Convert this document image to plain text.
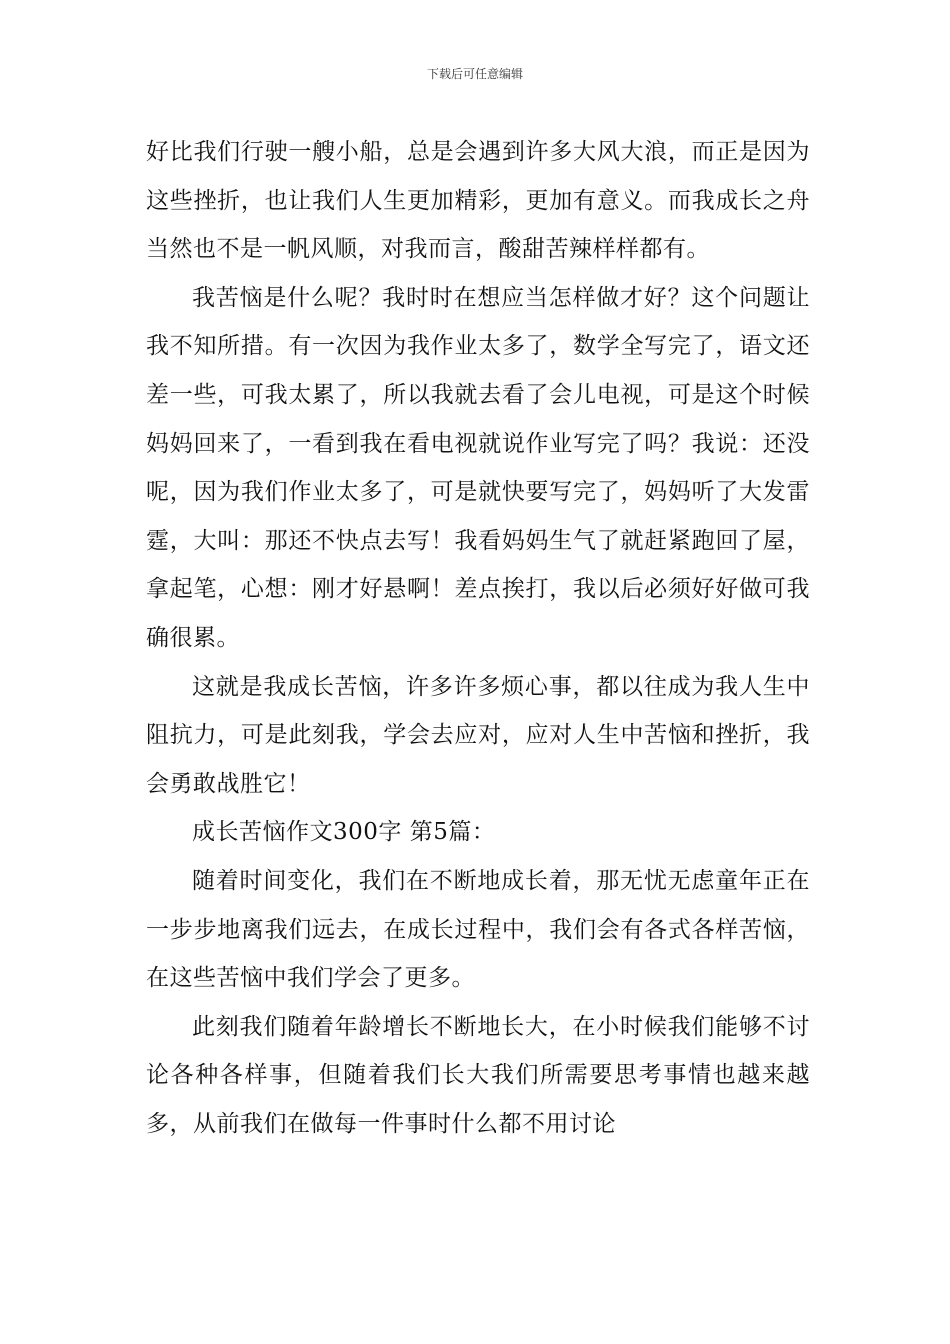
下载后可任意编辑

好比我们行驶一艘小船，总是会遇到许多大风大浪，而正是因为这些挫折，也让我们人生更加精彩，更加有意义。而我成长之舟当然也不是一帆风顺，对我而言，酸甜苦辣样样都有。

我苦恼是什么呢？我时时在想应当怎样做才好？这个问题让我不知所措。有一次因为我作业太多了，数学全写完了，语文还差一些，可我太累了，所以我就去看了会儿电视，可是这个时候妈妈回来了，一看到我在看电视就说作业写完了吗？我说：还没呢，因为我们作业太多了，可是就快要写完了，妈妈听了大发雷霆，大叫：那还不快点去写！我看妈妈生气了就赶紧跑回了屋，拿起笔，心想：刚才好悬啊！差点挨打，我以后必须好好做可我确很累。

这就是我成长苦恼，许多许多烦心事，都以往成为我人生中阻抗力，可是此刻我，学会去应对，应对人生中苦恼和挫折，我会勇敢战胜它！

成长苦恼作文300字 第5篇：

随着时间变化，我们在不断地成长着，那无忧无虑童年正在一步步地离我们远去，在成长过程中，我们会有各式各样苦恼，在这些苦恼中我们学会了更多。

此刻我们随着年龄增长不断地长大，在小时候我们能够不讨论各种各样事，但随着我们长大我们所需要思考事情也越来越多，从前我们在做每一件事时什么都不用讨论
